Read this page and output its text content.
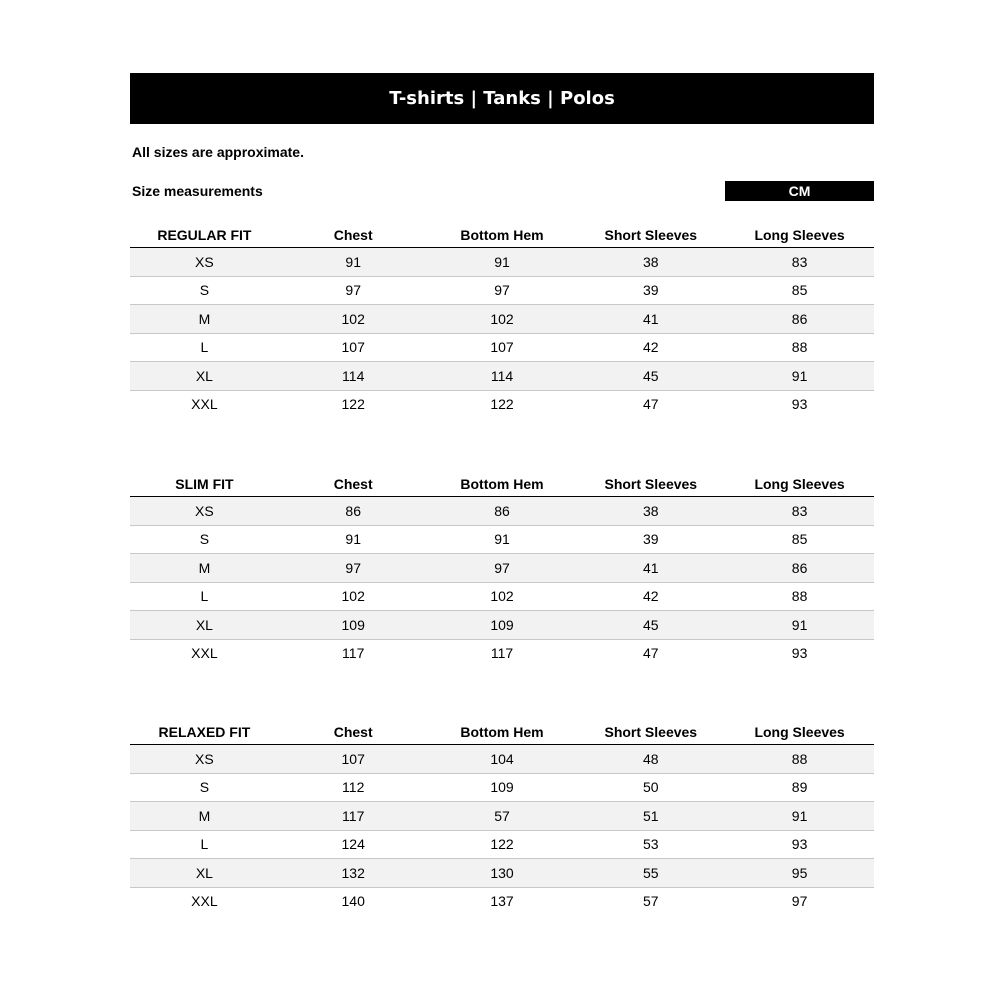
T-shirts | Tanks | Polos
All sizes are approximate.
Size measurements	CM
REGULAR FIT	Chest	Bottom Hem	Short Sleeves	Long Sleeves
XS	91	91	38	83
S	97	97	39	85
M	102	102	41	86
L	107	107	42	88
XL	114	114	45	91
XXL	122	122	47	93
SLIM FIT	Chest	Bottom Hem	Short Sleeves	Long Sleeves
XS	86	86	38	83
S	91	91	39	85
M	97	97	41	86
L	102	102	42	88
XL	109	109	45	91
XXL	117	117	47	93
RELAXED FIT	Chest	Bottom Hem	Short Sleeves	Long Sleeves
XS	107	104	48	88
S	112	109	50	89
M	117	57	51	91
L	124	122	53	93
XL	132	130	55	95
XXL	140	137	57	97
